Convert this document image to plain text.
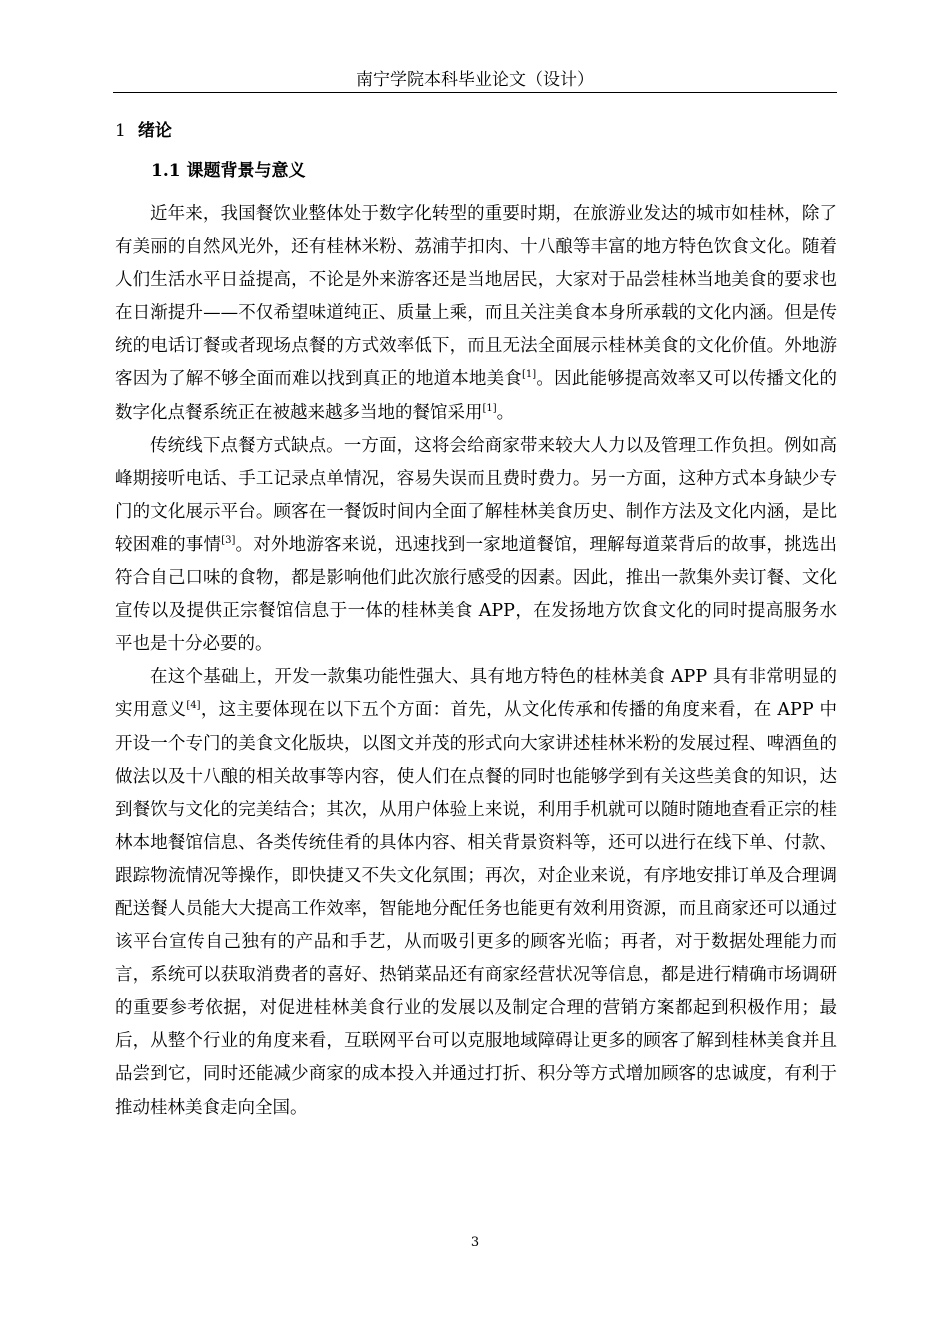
南宁学院本科毕业论文（设计）
1 绪论
1.1 课题背景与意义

近年来，我国餐饮业整体处于数字化转型的重要时期，在旅游业发达的城市如桂林，除了有美丽的自然风光外，还有桂林米粉、荔浦芋扣肉、十八酿等丰富的地方特色饮食文化。随着人们生活水平日益提高，不论是外来游客还是当地居民，大家对于品尝桂林当地美食的要求也在日渐提升——不仅希望味道纯正、质量上乘，而且关注美食本身所承载的文化内涵。但是传统的电话订餐或者现场点餐的方式效率低下，而且无法全面展示桂林美食的文化价值。外地游客因为了解不够全面而难以找到真正的地道本地美食[1]。因此能够提高效率又可以传播文化的数字化点餐系统正在被越来越多当地的餐馆采用[1]。

传统线下点餐方式缺点。一方面，这将会给商家带来较大人力以及管理工作负担。例如高峰期接听电话、手工记录点单情况，容易失误而且费时费力。另一方面，这种方式本身缺少专门的文化展示平台。顾客在一餐饭时间内全面了解桂林美食历史、制作方法及文化内涵，是比较困难的事情[3]。对外地游客来说，迅速找到一家地道餐馆，理解每道菜背后的故事，挑选出符合自己口味的食物，都是影响他们此次旅行感受的因素。因此，推出一款集外卖订餐、文化宣传以及提供正宗餐馆信息于一体的桂林美食 APP，在发扬地方饮食文化的同时提高服务水平也是十分必要的。

在这个基础上，开发一款集功能性强大、具有地方特色的桂林美食 APP 具有非常明显的实用意义[4]，这主要体现在以下五个方面：首先，从文化传承和传播的角度来看，在 APP 中开设一个专门的美食文化版块，以图文并茂的形式向大家讲述桂林米粉的发展过程、啤酒鱼的做法以及十八酿的相关故事等内容，使人们在点餐的同时也能够学到有关这些美食的知识，达到餐饮与文化的完美结合；其次，从用户体验上来说，利用手机就可以随时随地查看正宗的桂林本地餐馆信息、各类传统佳肴的具体内容、相关背景资料等，还可以进行在线下单、付款、跟踪物流情况等操作，即快捷又不失文化氛围；再次，对企业来说，有序地安排订单及合理调配送餐人员能大大提高工作效率，智能地分配任务也能更有效利用资源，而且商家还可以通过该平台宣传自己独有的产品和手艺，从而吸引更多的顾客光临；再者，对于数据处理能力而言，系统可以获取消费者的喜好、热销菜品还有商家经营状况等信息，都是进行精确市场调研的重要参考依据，对促进桂林美食行业的发展以及制定合理的营销方案都起到积极作用；最后，从整个行业的角度来看，互联网平台可以克服地域障碍让更多的顾客了解到桂林美食并且品尝到它，同时还能减少商家的成本投入并通过打折、积分等方式增加顾客的忠诚度，有利于推动桂林美食走向全国。

3
